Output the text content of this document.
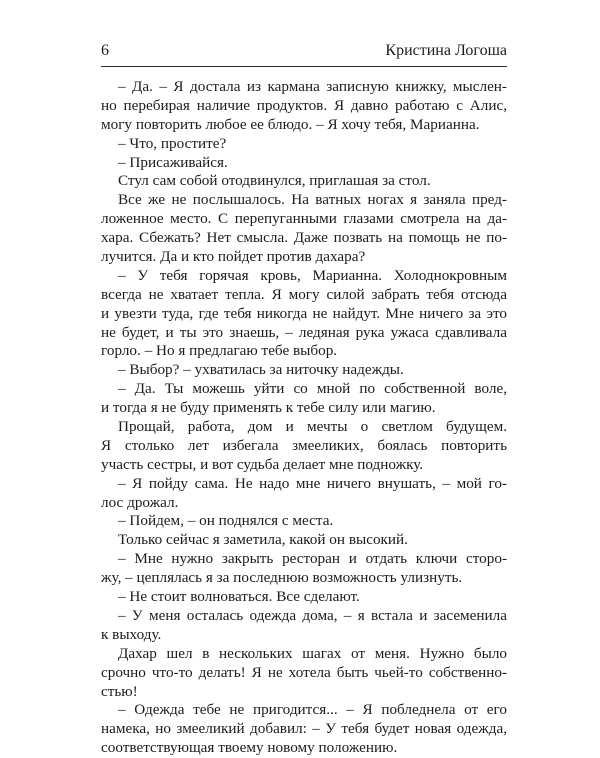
6	Кристина Логоша
– Да. – Я достала из кармана записную книжку, мыслен-
но перебирая наличие продуктов. Я давно работаю с Алис,
могу повторить любое ее блюдо. – Я хочу тебя, Марианна.
– Что, простите?
– Присаживайся.
Стул сам собой отодвинулся, приглашая за стол.
Все же не послышалось. На ватных ногах я заняла пред-
ложенное место. С перепуганными глазами смотрела на да-
хара. Сбежать? Нет смысла. Даже позвать на помощь не по-
лучится. Да и кто пойдет против дахара?
– У тебя горячая кровь, Марианна. Холоднокровным
всегда не хватает тепла. Я могу силой забрать тебя отсюда
и увезти туда, где тебя никогда не найдут. Мне ничего за это
не будет, и ты это знаешь, – ледяная рука ужаса сдавливала
горло. – Но я предлагаю тебе выбор.
– Выбор? – ухватилась за ниточку надежды.
– Да. Ты можешь уйти со мной по собственной воле,
и тогда я не буду применять к тебе силу или магию.
Прощай, работа, дом и мечты о светлом будущем.
Я столько лет избегала змееликих, боялась повторить
участь сестры, и вот судьба делает мне подножку.
– Я пойду сама. Не надо мне ничего внушать, – мой го-
лос дрожал.
– Пойдем, – он поднялся с места.
Только сейчас я заметила, какой он высокий.
– Мне нужно закрыть ресторан и отдать ключи сторо-
жу, – цеплялась я за последнюю возможность улизнуть.
– Не стоит волноваться. Все сделают.
– У меня осталась одежда дома, – я встала и засеменила
к выходу.
Дахар шел в нескольких шагах от меня. Нужно было
срочно что-то делать! Я не хотела быть чьей-то собственно-
стью!
– Одежда тебе не пригодится... – Я побледнела от его
намека, но змееликий добавил: – У тебя будет новая одежда,
соответствующая твоему новому положению.
